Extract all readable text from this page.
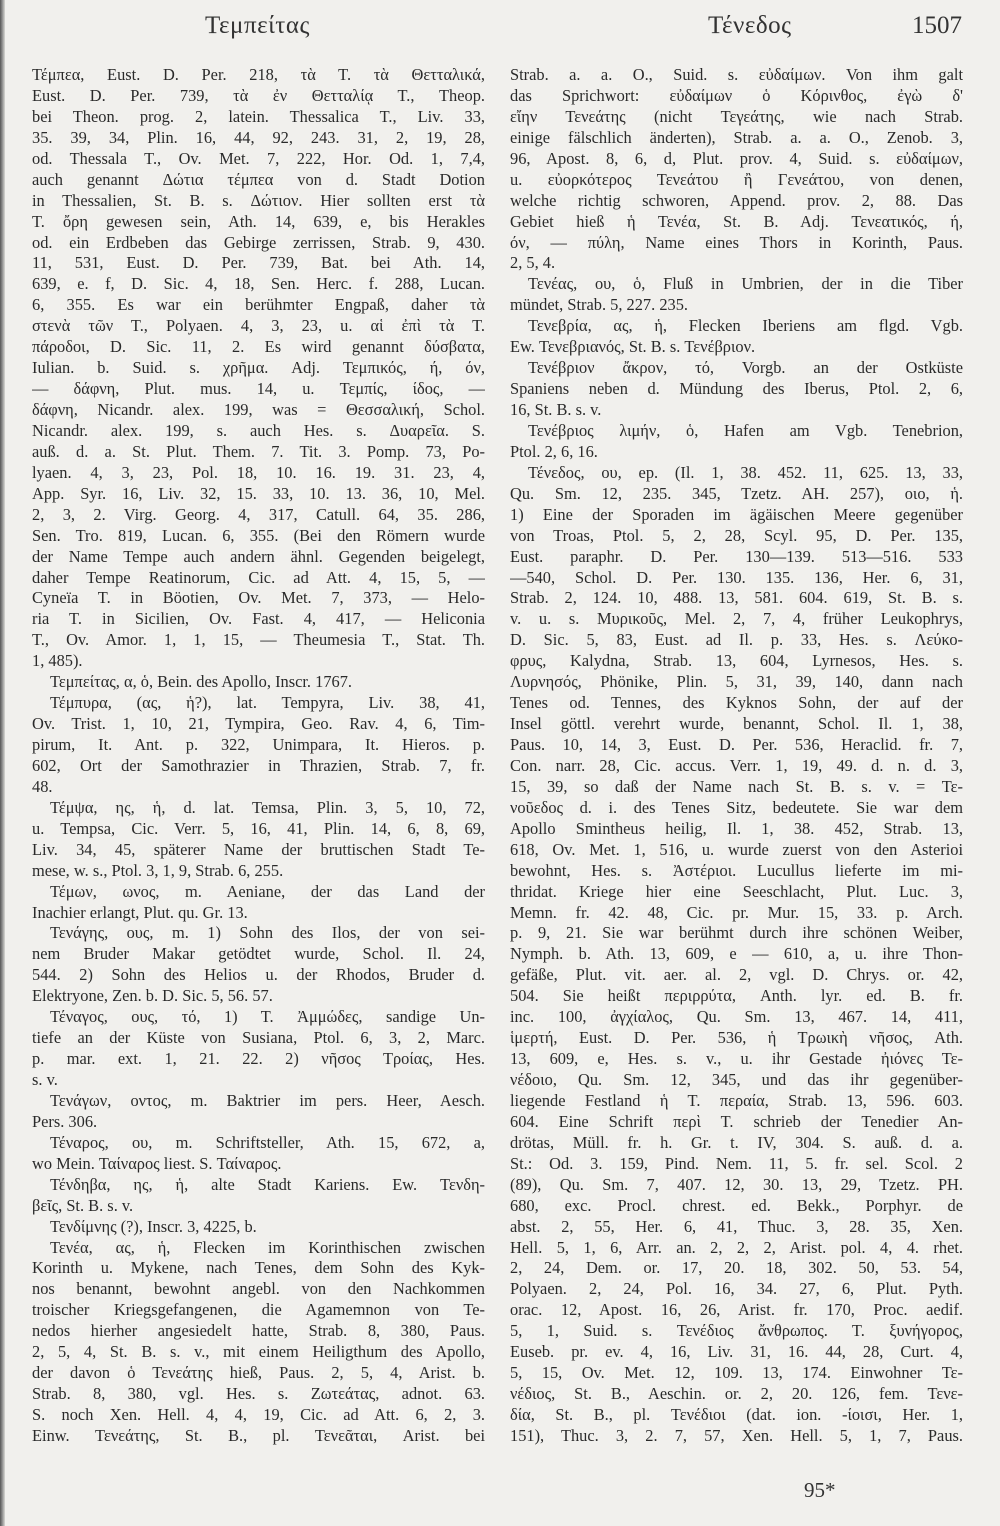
Τεμπείτας	Τένεδος	1507
Τέμπεα, Eust. D. Per. 218, τὰ Τ. τὰ Θετταλικά,
Eust. D. Per. 739, τὰ ἐν Θετταλίᾳ Τ., Theop.
bei Theon. prog. 2, latein. Thessalica T., Liv. 33,
35. 39, 34, Plin. 16, 44, 92, 243. 31, 2, 19, 28,
od. Thessala T., Ov. Met. 7, 222, Hor. Od. 1, 7,4,
auch genannt Δώτια τέμπεα von d. Stadt Dotion
in Thessalien, St. B. s. Δώτιον. Hier sollten erst τὰ
Τ. ὄρη gewesen sein, Ath. 14, 639, e, bis Herakles
od. ein Erdbeben das Gebirge zerrissen, Strab. 9, 430.
11, 531, Eust. D. Per. 739, Bat. bei Ath. 14,
639, e. f, D. Sic. 4, 18, Sen. Herc. f. 288, Lucan.
6, 355. Es war ein berühmter Engpaß, daher τὰ
στενὰ τῶν Τ., Polyaen. 4, 3, 23, u. αἱ ἐπὶ τὰ Τ.
πάροδοι, D. Sic. 11, 2. Es wird genannt δύσβατα,
Iulian. b. Suid. s. χρῆμα. Adj. Τεμπικός, ή, όν,
— δάφνη, Plut. mus. 14, u. Τεμπίς, ίδος, —
δάφνη, Nicandr. alex. 199, was = Θεσσαλική, Schol.
Nicandr. alex. 199, s. auch Hes. s. Δυαρεῖα. S.
auß. d. a. St. Plut. Them. 7. Tit. 3. Pomp. 73, Po-
lyaen. 4, 3, 23, Pol. 18, 10. 16. 19. 31. 23, 4,
App. Syr. 16, Liv. 32, 15. 33, 10. 13. 36, 10, Mel.
2, 3, 2. Virg. Georg. 4, 317, Catull. 64, 35. 286,
Sen. Tro. 819, Lucan. 6, 355. (Bei den Römern wurde
der Name Tempe auch andern ähnl. Gegenden beigelegt,
daher Tempe Reatinorum, Cic. ad Att. 4, 15, 5, —
Cyneïa T. in Böotien, Ov. Met. 7, 373, — Helo-
ria T. in Sicilien, Ov. Fast. 4, 417, — Heliconia
T., Ov. Amor. 1, 1, 15, — Theumesia T., Stat. Th.
1, 485).
Τεμπείτας, α, ὁ, Bein. des Apollo, Inscr. 1767.
Τέμπυρα, (ας, ἡ?), lat. Tempyra, Liv. 38, 41,
Ov. Trist. 1, 10, 21, Tympira, Geo. Rav. 4, 6, Tim-
pirum, It. Ant. p. 322, Unimpara, It. Hieros. p.
602, Ort der Samothrazier in Thrazien, Strab. 7, fr.
48.
Τέμψα, ης, ἡ, d. lat. Temsa, Plin. 3, 5, 10, 72,
u. Tempsa, Cic. Verr. 5, 16, 41, Plin. 14, 6, 8, 69,
Liv. 34, 45, späterer Name der bruttischen Stadt Te-
mese, w. s., Ptol. 3, 1, 9, Strab. 6, 255.
Τέμων, ωνος, m. Aeniane, der das Land der
Inachier erlangt, Plut. qu. Gr. 13.
Τενάγης, ους, m. 1) Sohn des Ilos, der von sei-
nem Bruder Makar getödtet wurde, Schol. Il. 24,
544. 2) Sohn des Helios u. der Rhodos, Bruder d.
Elektryone, Zen. b. D. Sic. 5, 56. 57.
Τέναγος, ους, τό, 1) Τ. Ἀμμώδες, sandige Un-
tiefe an der Küste von Susiana, Ptol. 6, 3, 2, Marc.
p. mar. ext. 1, 21. 22. 2) νῆσος Τροίας, Hes.
s. v.
Τενάγων, οντος, m. Baktrier im pers. Heer, Aesch.
Pers. 306.
Τέναρος, ου, m. Schriftsteller, Ath. 15, 672, a,
wo Mein. Ταίναρος liest. S. Ταίναρος.
Τένδηβα, ης, ἡ, alte Stadt Kariens. Ew. Τενδη-
βεῖς, St. B. s. v.
Τενδίμνης (?), Inscr. 3, 4225, b.
Τενέα, ας, ἡ, Flecken im Korinthischen zwischen
Korinth u. Mykene, nach Tenes, dem Sohn des Kyk-
nos benannt, bewohnt angebl. von den Nachkommen
troischer Kriegsgefangenen, die Agamemnon von Te-
nedos hierher angesiedelt hatte, Strab. 8, 380, Paus.
2, 5, 4, St. B. s. v., mit einem Heiligthum des Apollo,
der davon ὁ Τενεάτης hieß, Paus. 2, 5, 4, Arist. b.
Strab. 8, 380, vgl. Hes. s. Ζωτεάτας, adnot. 63.
S. noch Xen. Hell. 4, 4, 19, Cic. ad Att. 6, 2, 3.
Einw. Τενεάτης, St. B., pl. Τενεᾶται, Arist. bei
Strab. a. a. O., Suid. s. εὐδαίμων. Von ihm galt
das Sprichwort: εὐδαίμων ὁ Κόρινθος, ἐγὼ δ'
εἴην Τενεάτης (nicht Τεγεάτης, wie nach Strab.
einige fälschlich änderten), Strab. a. a. O., Zenob. 3,
96, Apost. 8, 6, d, Plut. prov. 4, Suid. s. εὐδαίμων,
u. εὐορκότερος Τενεάτου ἢ Γενεάτου, von denen,
welche richtig schworen, Append. prov. 2, 88. Das
Gebiet hieß ἡ Τενέα, St. B. Adj. Τενεατικός, ή,
όν, — πύλη, Name eines Thors in Korinth, Paus.
2, 5, 4.
Τενέας, ου, ὁ, Fluß in Umbrien, der in die Tiber
mündet, Strab. 5, 227. 235.
Τενεβρία, ας, ἡ, Flecken Iberiens am flgd. Vgb.
Ew. Τενεβριανός, St. B. s. Τενέβριον.
Τενέβριον ἄκρον, τό, Vorgb. an der Ostküste
Spaniens neben d. Mündung des Iberus, Ptol. 2, 6,
16, St. B. s. v.
Τενέβριος λιμήν, ὁ, Hafen am Vgb. Tenebrion,
Ptol. 2, 6, 16.
Τένεδος, ου, ep. (Il. 1, 38. 452. 11, 625. 13, 33,
Qu. Sm. 12, 235. 345, Tzetz. AH. 257), οιο, ἡ.
1) Eine der Sporaden im ägäischen Meere gegenüber
von Troas, Ptol. 5, 2, 28, Scyl. 95, D. Per. 135,
Eust. paraphr. D. Per. 130—139. 513—516. 533
—540, Schol. D. Per. 130. 135. 136, Her. 6, 31,
Strab. 2, 124. 10, 488. 13, 581. 604. 619, St. B. s.
v. u. s. Μυρικοῦς, Mel. 2, 7, 4, früher Leukophrys,
D. Sic. 5, 83, Eust. ad Il. p. 33, Hes. s. Λεύκο-
φρυς, Kalydna, Strab. 13, 604, Lyrnesos, Hes. s.
Λυρνησός, Phönike, Plin. 5, 31, 39, 140, dann nach
Tenes od. Tennes, des Kyknos Sohn, der auf der
Insel göttl. verehrt wurde, benannt, Schol. Il. 1, 38,
Paus. 10, 14, 3, Eust. D. Per. 536, Heraclid. fr. 7,
Con. narr. 28, Cic. accus. Verr. 1, 19, 49. d. n. d. 3,
15, 39, so daß der Name nach St. B. s. v. = Τε-
νοῦεδος d. i. des Tenes Sitz, bedeutete. Sie war dem
Apollo Smintheus heilig, Il. 1, 38. 452, Strab. 13,
618, Ov. Met. 1, 516, u. wurde zuerst von den Asterioi
bewohnt, Hes. s. Ἀστέριοι. Lucullus lieferte im mi-
thridat. Kriege hier eine Seeschlacht, Plut. Luc. 3,
Memn. fr. 42. 48, Cic. pr. Mur. 15, 33. p. Arch.
p. 9, 21. Sie war berühmt durch ihre schönen Weiber,
Nymph. b. Ath. 13, 609, e — 610, a, u. ihre Thon-
gefäße, Plut. vit. aer. al. 2, vgl. D. Chrys. or. 42,
504. Sie heißt περιρρύτα, Anth. lyr. ed. B. fr.
inc. 100, ἀγχίαλος, Qu. Sm. 13, 467. 14, 411,
ἱμερτή, Eust. D. Per. 536, ἡ Τρωικὴ νῆσος, Ath.
13, 609, e, Hes. s. v., u. ihr Gestade ἠιόνες Τε-
νέδοιο, Qu. Sm. 12, 345, und das ihr gegenüber-
liegende Festland ἡ Τ. περαία, Strab. 13, 596. 603.
604. Eine Schrift περὶ Τ. schrieb der Tenedier An-
drötas, Müll. fr. h. Gr. t. IV, 304. S. auß. d. a.
St.: Od. 3. 159, Pind. Nem. 11, 5. fr. sel. Scol. 2
(89), Qu. Sm. 7, 407. 12, 30. 13, 29, Tzetz. PH.
680, exc. Procl. chrest. ed. Bekk., Porphyr. de
abst. 2, 55, Her. 6, 41, Thuc. 3, 28. 35, Xen.
Hell. 5, 1, 6, Arr. an. 2, 2, 2, Arist. pol. 4, 4. rhet.
2, 24, Dem. or. 17, 20. 18, 302. 50, 53. 54,
Polyaen. 2, 24, Pol. 16, 34. 27, 6, Plut. Pyth.
orac. 12, Apost. 16, 26, Arist. fr. 170, Proc. aedif.
5, 1, Suid. s. Τενέδιος ἄνθρωπος. Τ. ξυνήγορος,
Euseb. pr. ev. 4, 16, Liv. 31, 16. 44, 28, Curt. 4,
5, 15, Ov. Met. 12, 109. 13, 174. Einwohner Τε-
νέδιος, St. B., Aeschin. or. 2, 20. 126, fem. Τενε-
δία, St. B., pl. Τενέδιοι (dat. ion. -ίοισι, Her. 1,
151), Thuc. 3, 2. 7, 57, Xen. Hell. 5, 1, 7, Paus.
95*
